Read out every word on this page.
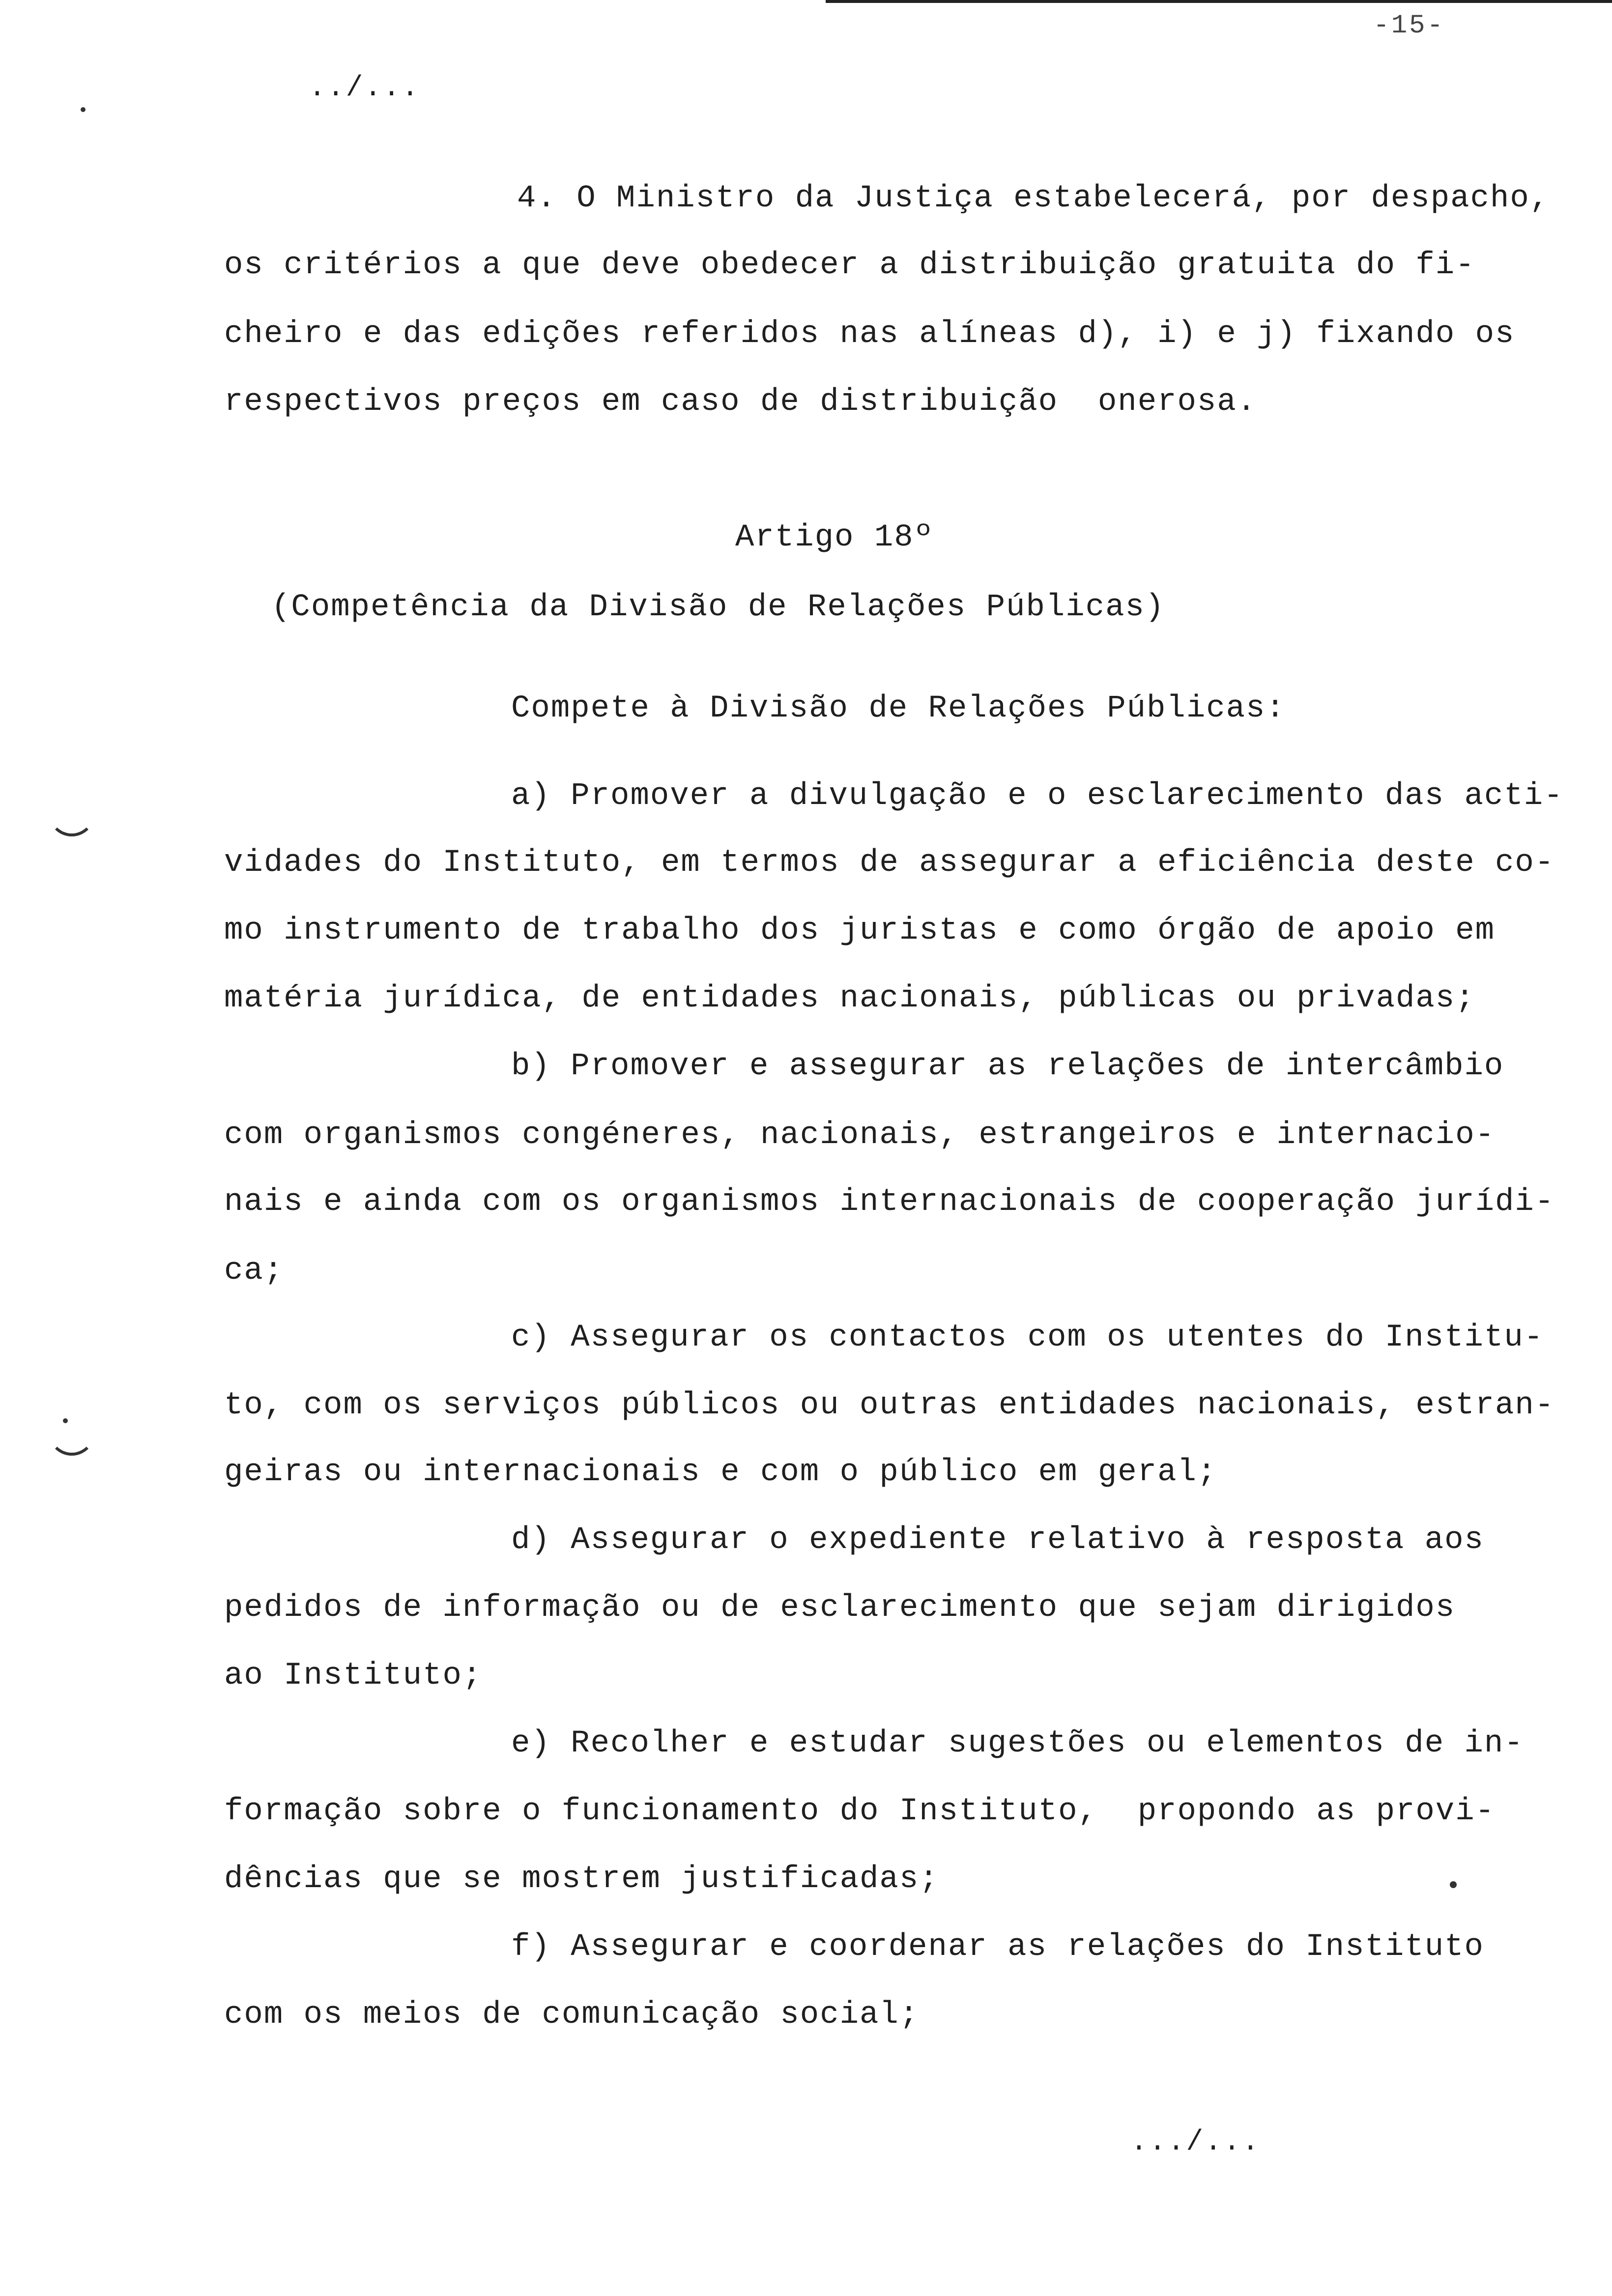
-15-
../...
4. O Ministro da Justiça estabelecerá, por despacho,
os critérios a que deve obedecer a distribuição gratuita do fi-
cheiro e das edições referidos nas alíneas d), i) e j) fixando os
respectivos preços em caso de distribuição  onerosa.
Artigo 18º
(Competência da Divisão de Relações Públicas)
Compete à Divisão de Relações Públicas:
a) Promover a divulgação e o esclarecimento das acti-
vidades do Instituto, em termos de assegurar a eficiência deste co-
mo instrumento de trabalho dos juristas e como órgão de apoio em
matéria jurídica, de entidades nacionais, públicas ou privadas;
b) Promover e assegurar as relações de intercâmbio
com organismos congéneres, nacionais, estrangeiros e internacio-
nais e ainda com os organismos internacionais de cooperação jurídi-
ca;
c) Assegurar os contactos com os utentes do Institu-
to, com os serviços públicos ou outras entidades nacionais, estran-
geiras ou internacionais e com o público em geral;
d) Assegurar o expediente relativo à resposta aos
pedidos de informação ou de esclarecimento que sejam dirigidos
ao Instituto;
e) Recolher e estudar sugestões ou elementos de in-
formação sobre o funcionamento do Instituto,  propondo as provi-
dências que se mostrem justificadas;
f) Assegurar e coordenar as relações do Instituto
com os meios de comunicação social;
.../...
